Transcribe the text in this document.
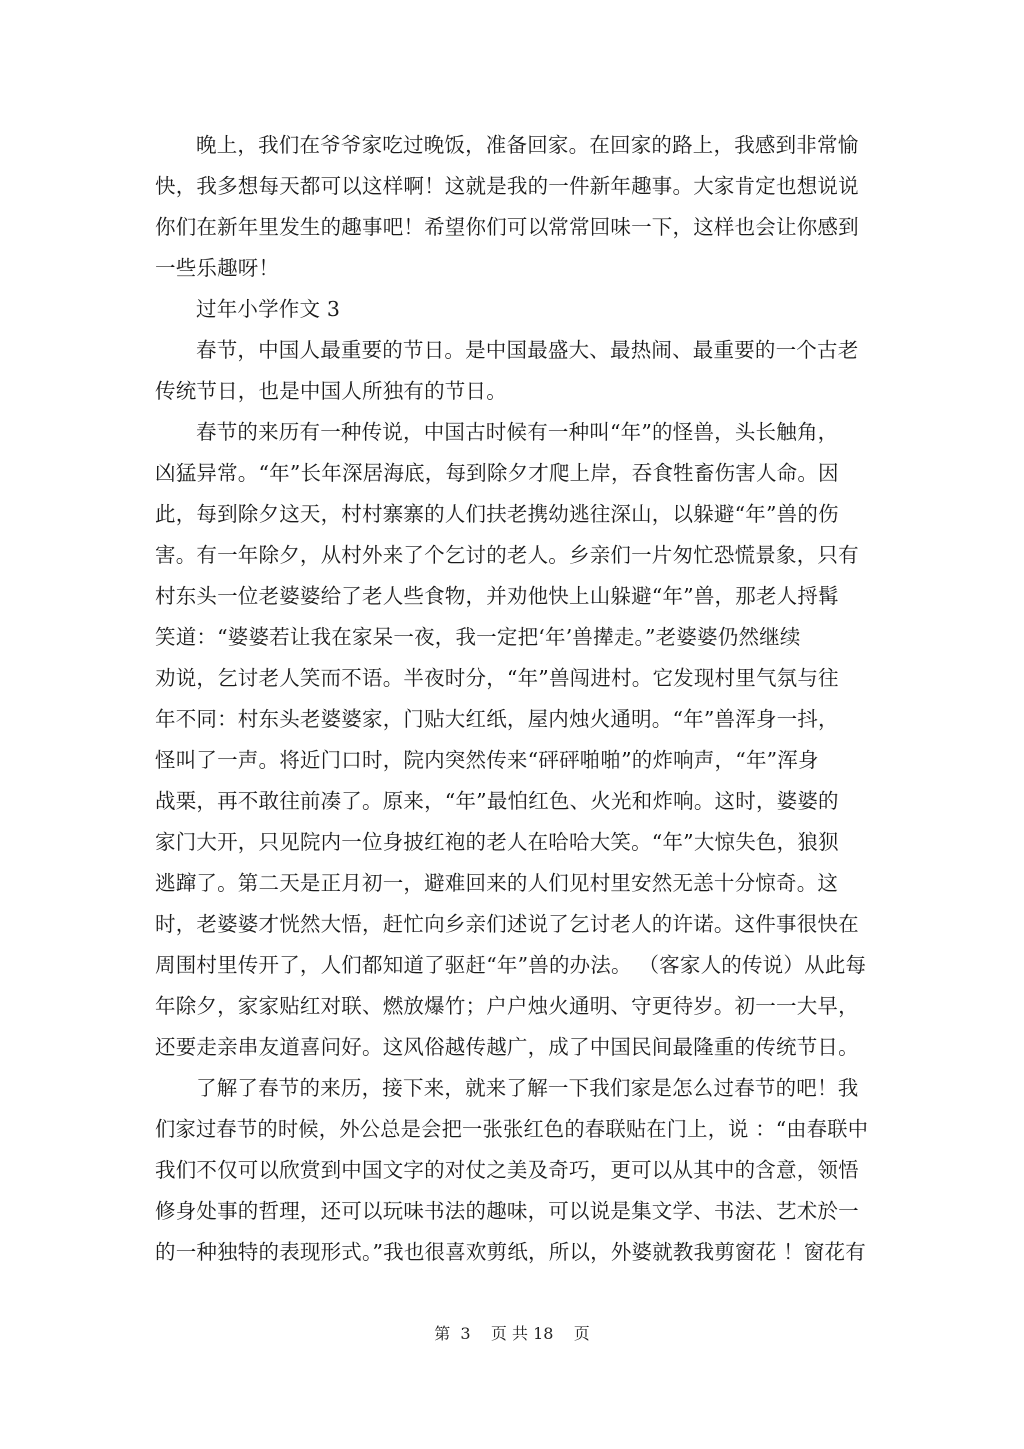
晚上，我们在爷爷家吃过晚饭，准备回家。在回家的路上，我感到非常愉
快，我多想每天都可以这样啊！这就是我的一件新年趣事。大家肯定也想说说
你们在新年里发生的趣事吧！希望你们可以常常回味一下，这样也会让你感到
一些乐趣呀！
过年小学作文 3
春节，中国人最重要的节日。是中国最盛大、最热闹、最重要的一个古老
传统节日，也是中国人所独有的节日。
春节的来历有一种传说，中国古时候有一种叫“年”的怪兽，头长触角，
凶猛异常。“年”长年深居海底，每到除夕才爬上岸，吞食牲畜伤害人命。因
此，每到除夕这天，村村寨寨的人们扶老携幼逃往深山，以躲避“年”兽的伤
害。有一年除夕，从村外来了个乞讨的老人。乡亲们一片匆忙恐慌景象，只有
村东头一位老婆婆给了老人些食物，并劝他快上山躲避“年”兽，那老人捋髯
笑道：“婆婆若让我在家呆一夜，我一定把‘年’兽撵走。”老婆婆仍然继续
劝说，乞讨老人笑而不语。半夜时分，“年”兽闯进村。它发现村里气氛与往
年不同：村东头老婆婆家，门贴大红纸，屋内烛火通明。“年”兽浑身一抖，
怪叫了一声。将近门口时，院内突然传来“砰砰啪啪”的炸响声，“年”浑身
战栗，再不敢往前凑了。原来，“年”最怕红色、火光和炸响。这时，婆婆的
家门大开，只见院内一位身披红袍的老人在哈哈大笑。“年”大惊失色，狼狈
逃蹿了。第二天是正月初一，避难回来的人们见村里安然无恙十分惊奇。这
时，老婆婆才恍然大悟，赶忙向乡亲们述说了乞讨老人的许诺。这件事很快在
周围村里传开了，人们都知道了驱赶“年”兽的办法。 （客家人的传说）从此每
年除夕，家家贴红对联、燃放爆竹；户户烛火通明、守更待岁。初一一大早，
还要走亲串友道喜问好。这风俗越传越广，成了中国民间最隆重的传统节日。
了解了春节的来历，接下来，就来了解一下我们家是怎么过春节的吧！我
们家过春节的时候，外公总是会把一张张红色的春联贴在门上，说 ：“由春联中
我们不仅可以欣赏到中国文字的对仗之美及奇巧，更可以从其中的含意，领悟
修身处事的哲理，还可以玩味书法的趣味，可以说是集文学、书法、艺术於一
的一种独特的表现形式。”我也很喜欢剪纸，所以，外婆就教我剪窗花 ！窗花有
第  3    页 共 18    页
